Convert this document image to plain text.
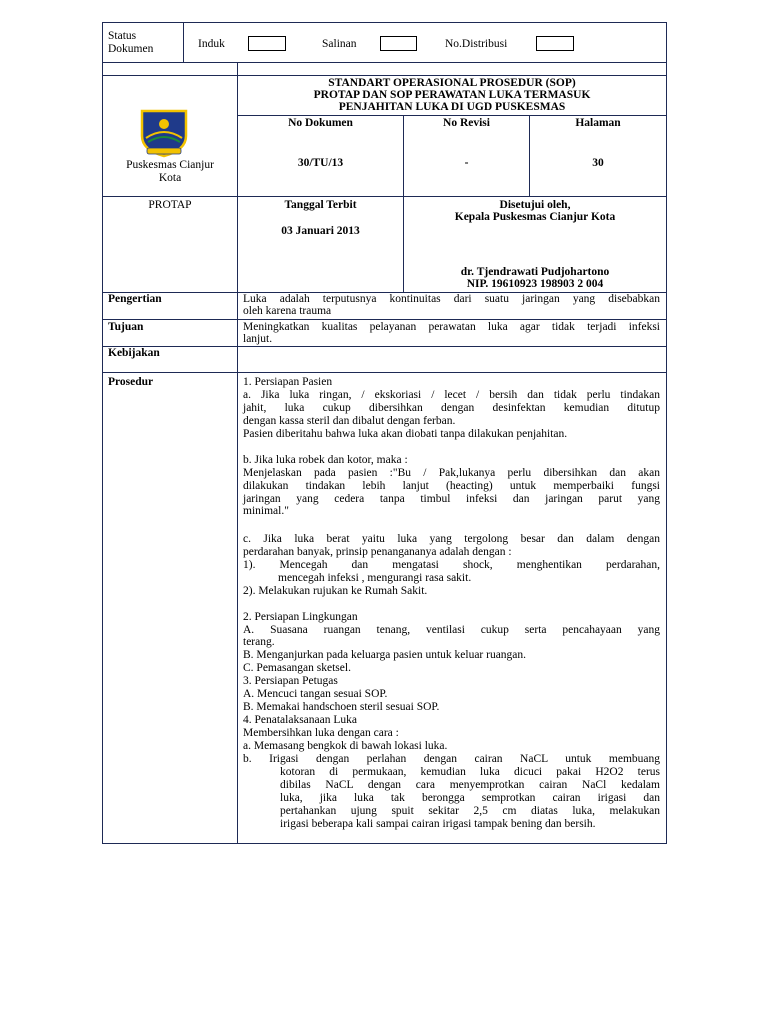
Status
Dokumen	Induk	Salinan	No.Distribusi
Puskesmas Cianjur
Kota
STANDART OPERASIONAL PROSEDUR (SOP)
PROTAP DAN SOP PERAWATAN LUKA TERMASUK
PENJAHITAN LUKA DI UGD PUSKESMAS
No Dokumen	No Revisi	Halaman
30/TU/13	-	30
PROTAP	Tanggal Terbit
03 Januari 2013
Disetujui oleh,
Kepala Puskesmas Cianjur Kota
dr. Tjendrawati Pudjohartono
NIP. 19610923 198903 2 004
Pengertian	Luka adalah terputusnya kontinuitas dari suatu jaringan yang disebabkan
oleh karena trauma
Tujuan	Meningkatkan kualitas pelayanan perawatan luka agar tidak terjadi infeksi
lanjut.
Kebijakan
Prosedur	1. Persiapan Pasien
a. Jika luka ringan, / ekskoriasi / lecet / bersih dan tidak perlu tindakan
jahit, luka cukup dibersihkan dengan desinfektan kemudian ditutup
dengan kassa steril dan dibalut dengan ferban.
Pasien diberitahu bahwa luka akan diobati tanpa dilakukan penjahitan.
b. Jika luka robek dan kotor, maka :
Menjelaskan pada pasien :"Bu / Pak,lukanya perlu dibersihkan dan akan
dilakukan tindakan lebih lanjut (heacting) untuk memperbaiki fungsi
jaringan yang cedera tanpa timbul infeksi dan jaringan parut yang
minimal."
c. Jika luka berat yaitu luka yang tergolong besar dan dalam dengan
perdarahan banyak, prinsip penangananya adalah dengan :
1). Mencegah dan mengatasi shock, menghentikan perdarahan,
mencegah infeksi , mengurangi rasa sakit.
2). Melakukan rujukan ke Rumah Sakit.
2. Persiapan Lingkungan
A. Suasana ruangan tenang, ventilasi cukup serta pencahayaan yang
terang.
B. Menganjurkan pada keluarga pasien untuk keluar ruangan.
C. Pemasangan sketsel.
3. Persiapan Petugas
A. Mencuci tangan sesuai SOP.
B. Memakai handschoen steril sesuai SOP.
4. Penatalaksanaan Luka
Membersihkan luka dengan cara :
a. Memasang bengkok di bawah lokasi luka.
b. Irigasi dengan perlahan dengan cairan NaCL untuk membuang
kotoran di permukaan, kemudian luka dicuci pakai H2O2 terus
dibilas NaCL dengan cara menyemprotkan cairan NaCl kedalam
luka, jika luka tak berongga semprotkan cairan irigasi dan
pertahankan ujung spuit sekitar 2,5 cm diatas luka, melakukan
irigasi beberapa kali sampai cairan irigasi tampak bening dan bersih.
